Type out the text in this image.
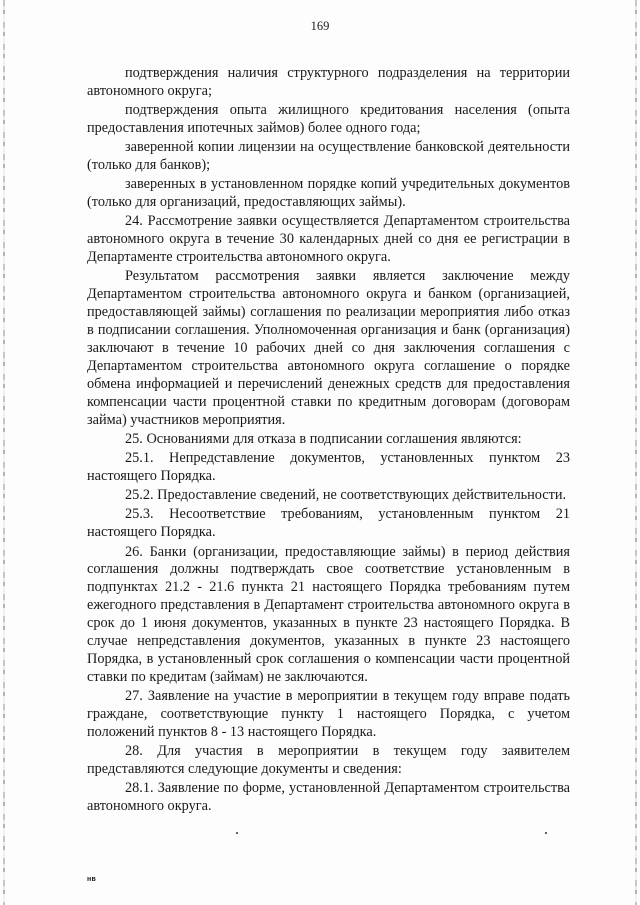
169

подтверждения наличия структурного подразделения на территории автономного округа;

подтверждения опыта жилищного кредитования населения (опыта предоставления ипотечных займов) более одного года;

заверенной копии лицензии на осуществление банковской деятельности (только для банков);

заверенных в установленном порядке копий учредительных документов (только для организаций, предоставляющих займы).

24. Рассмотрение заявки осуществляется Департаментом строительства автономного округа в течение 30 календарных дней со дня ее регистрации в Департаменте строительства автономного округа.

Результатом рассмотрения заявки является заключение между Департаментом строительства автономного округа и банком (организацией, предоставляющей займы) соглашения по реализации мероприятия либо отказ в подписании соглашения. Уполномоченная организация и банк (организация) заключают в течение 10 рабочих дней со дня заключения соглашения с Департаментом строительства автономного округа соглашение о порядке обмена информацией и перечислений денежных средств для предоставления компенсации части процентной ставки по кредитным договорам (договорам займа) участников мероприятия.

25. Основаниями для отказа в подписании соглашения являются:

25.1. Непредставление документов, установленных пунктом 23 настоящего Порядка.

25.2. Предоставление сведений, не соответствующих действительности.

25.3. Несоответствие требованиям, установленным пунктом 21 настоящего Порядка.

26. Банки (организации, предоставляющие займы) в период действия соглашения должны подтверждать свое соответствие установленным в подпунктах 21.2 - 21.6 пункта 21 настоящего Порядка требованиям путем ежегодного представления в Департамент строительства автономного округа в срок до 1 июня документов, указанных в пункте 23 настоящего Порядка. В случае непредставления документов, указанных в пункте 23 настоящего Порядка, в установленный срок соглашения о компенсации части процентной ставки по кредитам (займам) не заключаются.

27. Заявление на участие в мероприятии в текущем году вправе подать граждане, соответствующие пункту 1 настоящего Порядка, с учетом положений пунктов 8 - 13 настоящего Порядка.

28. Для участия в мероприятии в текущем году заявителем представляются следующие документы и сведения:

28.1. Заявление по форме, установленной Департаментом строительства автономного округа.

нв
